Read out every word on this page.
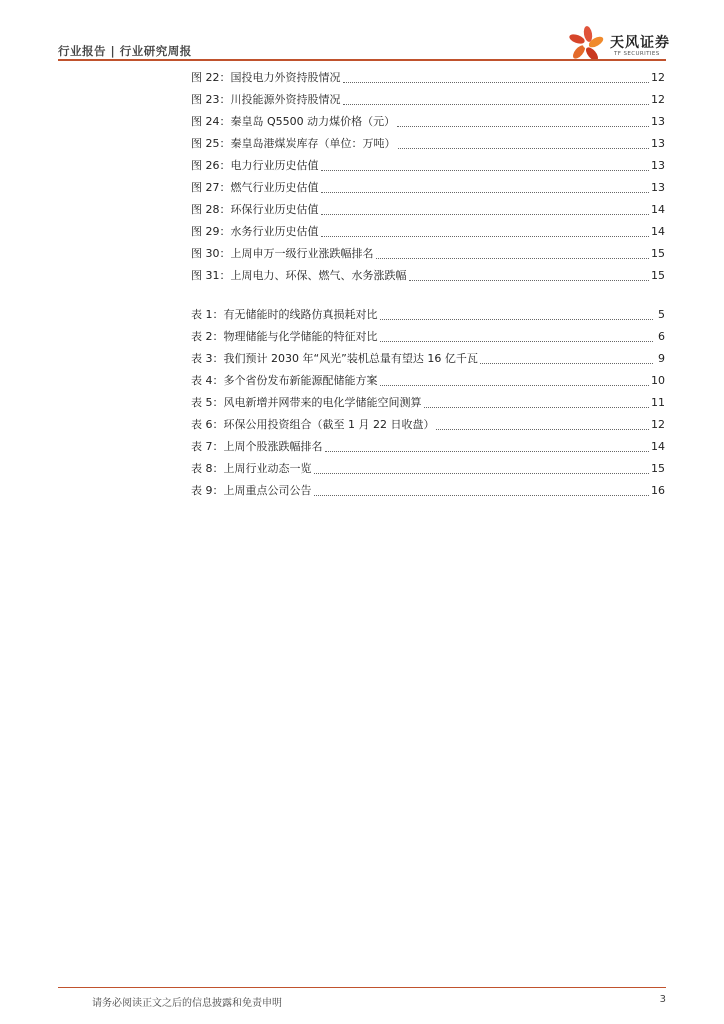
行业报告 | 行业研究周报	天风证券
TF SECURITIES
图 22：国投电力外资持股情况	12
图 23：川投能源外资持股情况	12
图 24：秦皇岛 Q5500 动力煤价格（元）	13
图 25：秦皇岛港煤炭库存（单位：万吨）	13
图 26：电力行业历史估值	13
图 27：燃气行业历史估值	13
图 28：环保行业历史估值	14
图 29：水务行业历史估值	14
图 30：上周申万一级行业涨跌幅排名	15
图 31：上周电力、环保、燃气、水务涨跌幅	15
表 1：有无储能时的线路仿真损耗对比	5
表 2：物理储能与化学储能的特征对比	6
表 3：我们预计 2030 年“风光”装机总量有望达 16 亿千瓦	9
表 4：多个省份发布新能源配储能方案	10
表 5：风电新增并网带来的电化学储能空间测算	11
表 6：环保公用投资组合（截至 1 月 22 日收盘）	12
表 7：上周个股涨跌幅排名	14
表 8：上周行业动态一览	15
表 9：上周重点公司公告	16
请务必阅读正文之后的信息披露和免责申明	3
